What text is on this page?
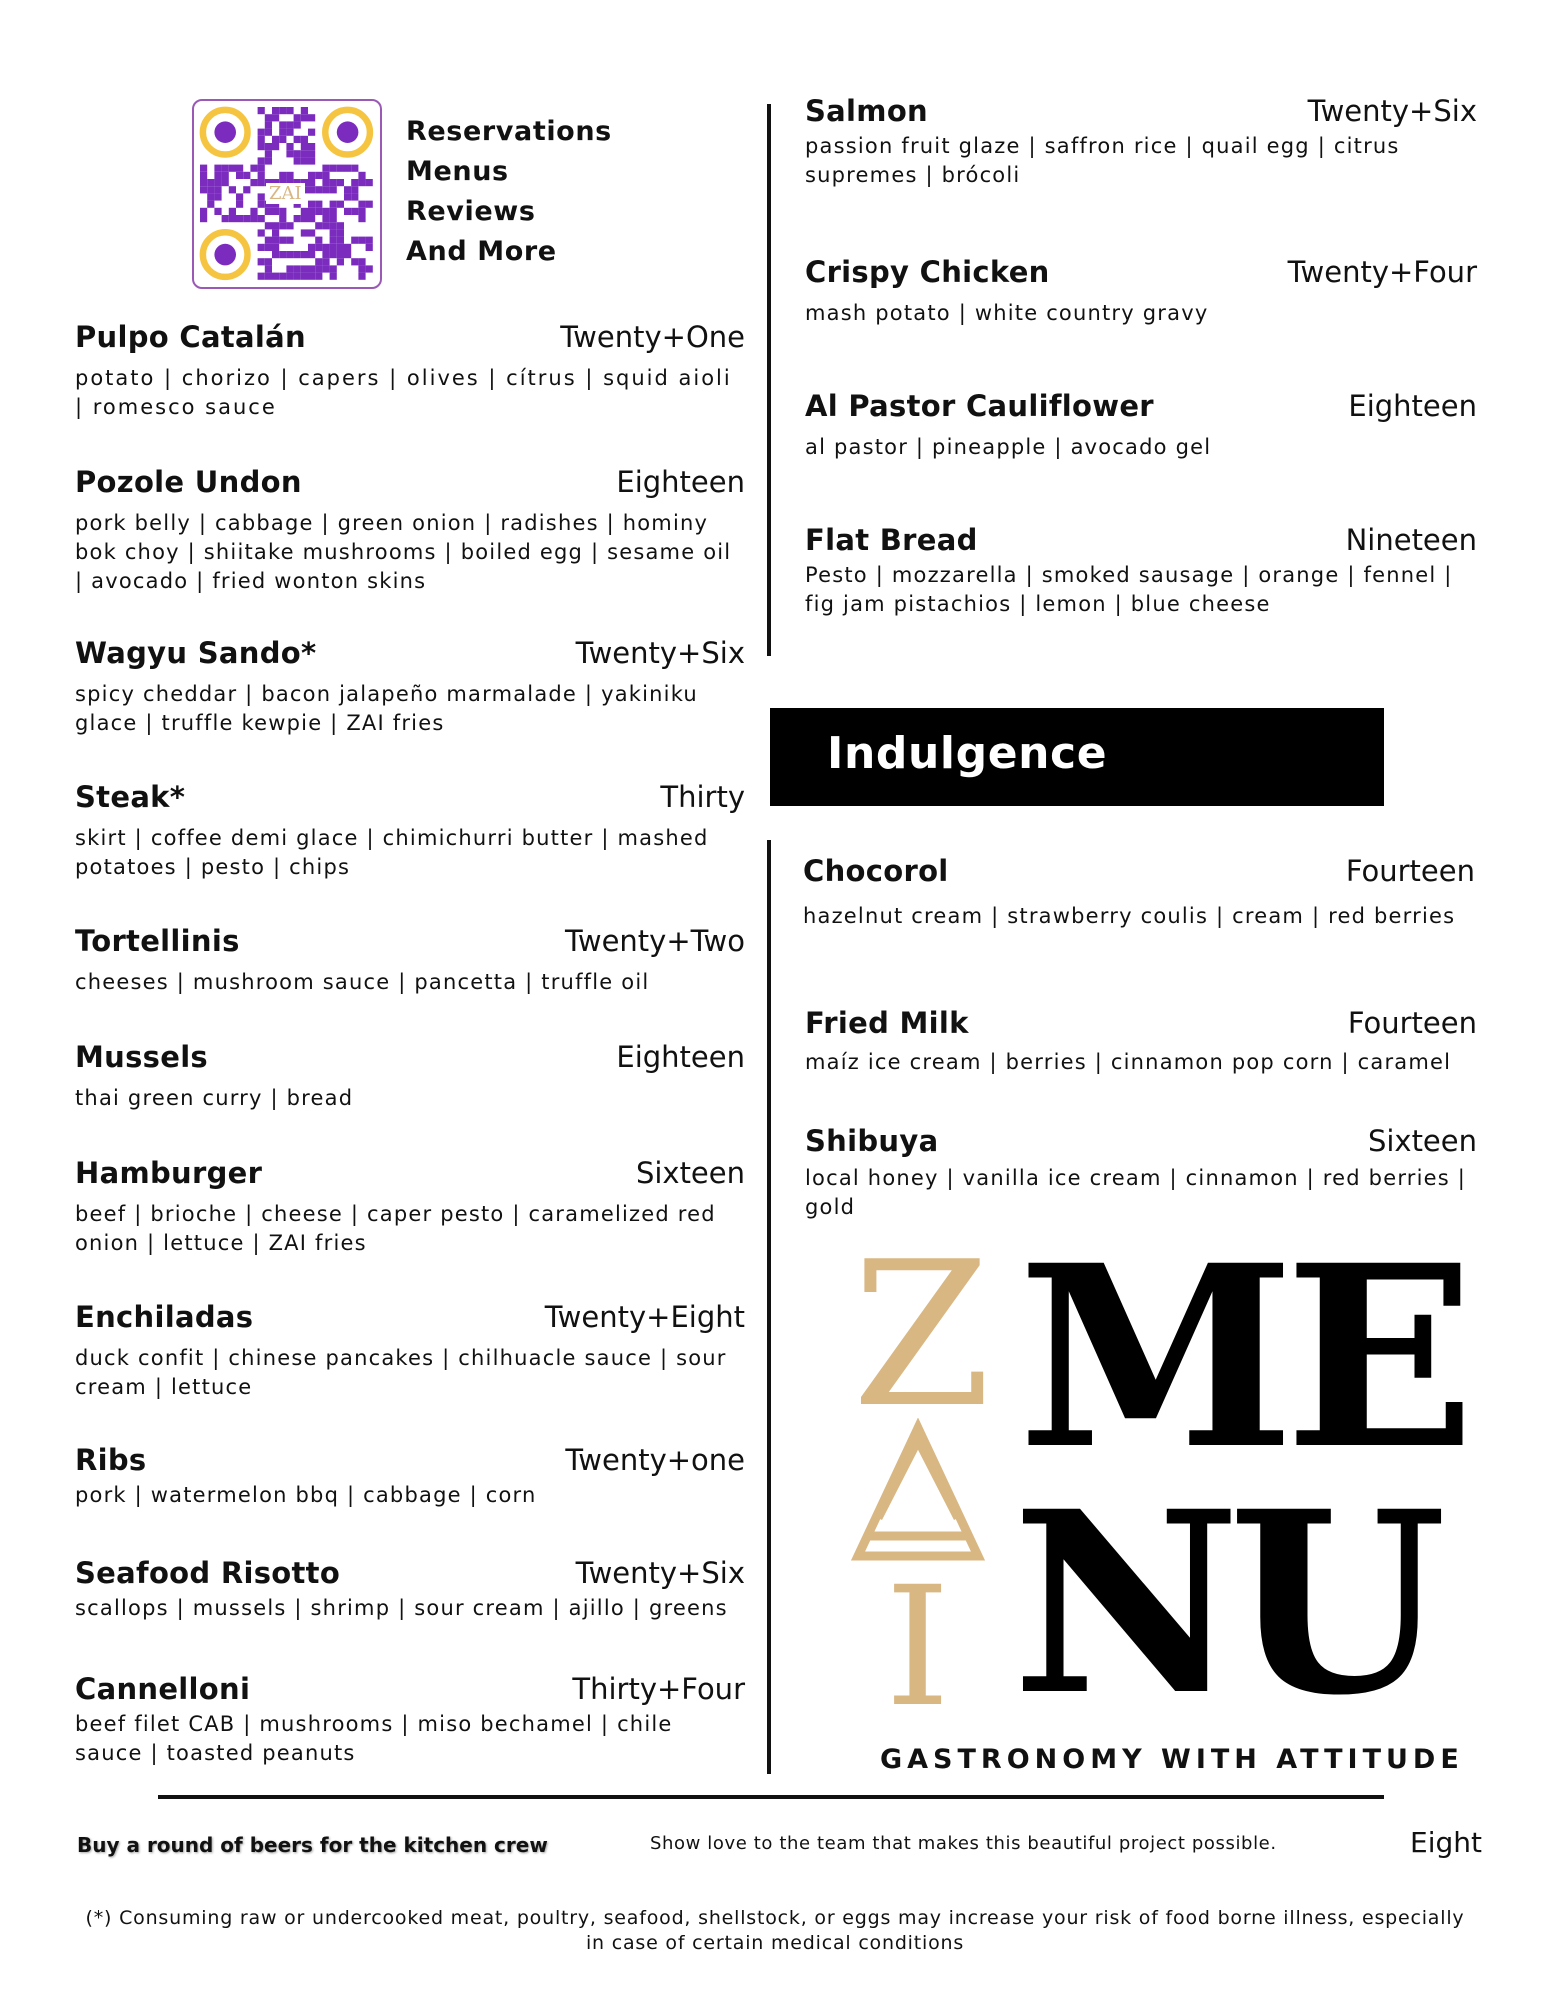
ZAI
Reservations
Menus
Reviews
And More
Pulpo Catalán	Twenty+One
potato | chorizo | capers | olives | cítrus | squid aioli | romesco sauce
Pozole Undon	Eighteen
pork belly | cabbage | green onion | radishes | hominy bok choy | shiitake mushrooms | boiled egg | sesame oil | avocado | fried wonton skins
Wagyu Sando*	Twenty+Six
spicy cheddar | bacon jalapeño marmalade | yakiniku glace | truffle kewpie | ZAI fries
Steak*	Thirty
skirt | coffee demi glace | chimichurri butter | mashed potatoes | pesto | chips
Tortellinis	Twenty+Two
cheeses | mushroom sauce | pancetta | truffle oil
Mussels	Eighteen
thai green curry | bread
Hamburger	Sixteen
beef | brioche | cheese | caper pesto | caramelized red onion | lettuce | ZAI fries
Enchiladas	Twenty+Eight
duck confit | chinese pancakes | chilhuacle sauce | sour cream | lettuce
Ribs	Twenty+one
pork | watermelon bbq | cabbage | corn
Seafood Risotto	Twenty+Six
scallops | mussels | shrimp | sour cream | ajillo | greens
Cannelloni	Thirty+Four
beef filet CAB | mushrooms | miso bechamel | chile sauce | toasted peanuts
Salmon	Twenty+Six
passion fruit glaze | saffron rice | quail egg | citrus supremes | brócoli
Crispy Chicken	Twenty+Four
mash potato | white country gravy
Al Pastor Cauliflower	Eighteen
al pastor | pineapple | avocado gel
Flat Bread	Nineteen
Pesto | mozzarella | smoked sausage | orange | fennel | fig jam pistachios | lemon | blue cheese
Indulgence
Chocorol	Fourteen
hazelnut cream | strawberry coulis | cream | red berries
Fried Milk	Fourteen
maíz ice cream | berries | cinnamon pop corn | caramel
Shibuya	Sixteen
local honey | vanilla ice cream | cinnamon | red berries | gold
Z
I
ME
NU
GASTRONOMY WITH ATTITUDE
Buy a round of beers for the kitchen crew	Show love to the team that makes this beautiful project possible.	Eight
(*) Consuming raw or undercooked meat, poultry, seafood, shellstock, or eggs may increase your risk of food borne illness, especially in case of certain medical conditions
